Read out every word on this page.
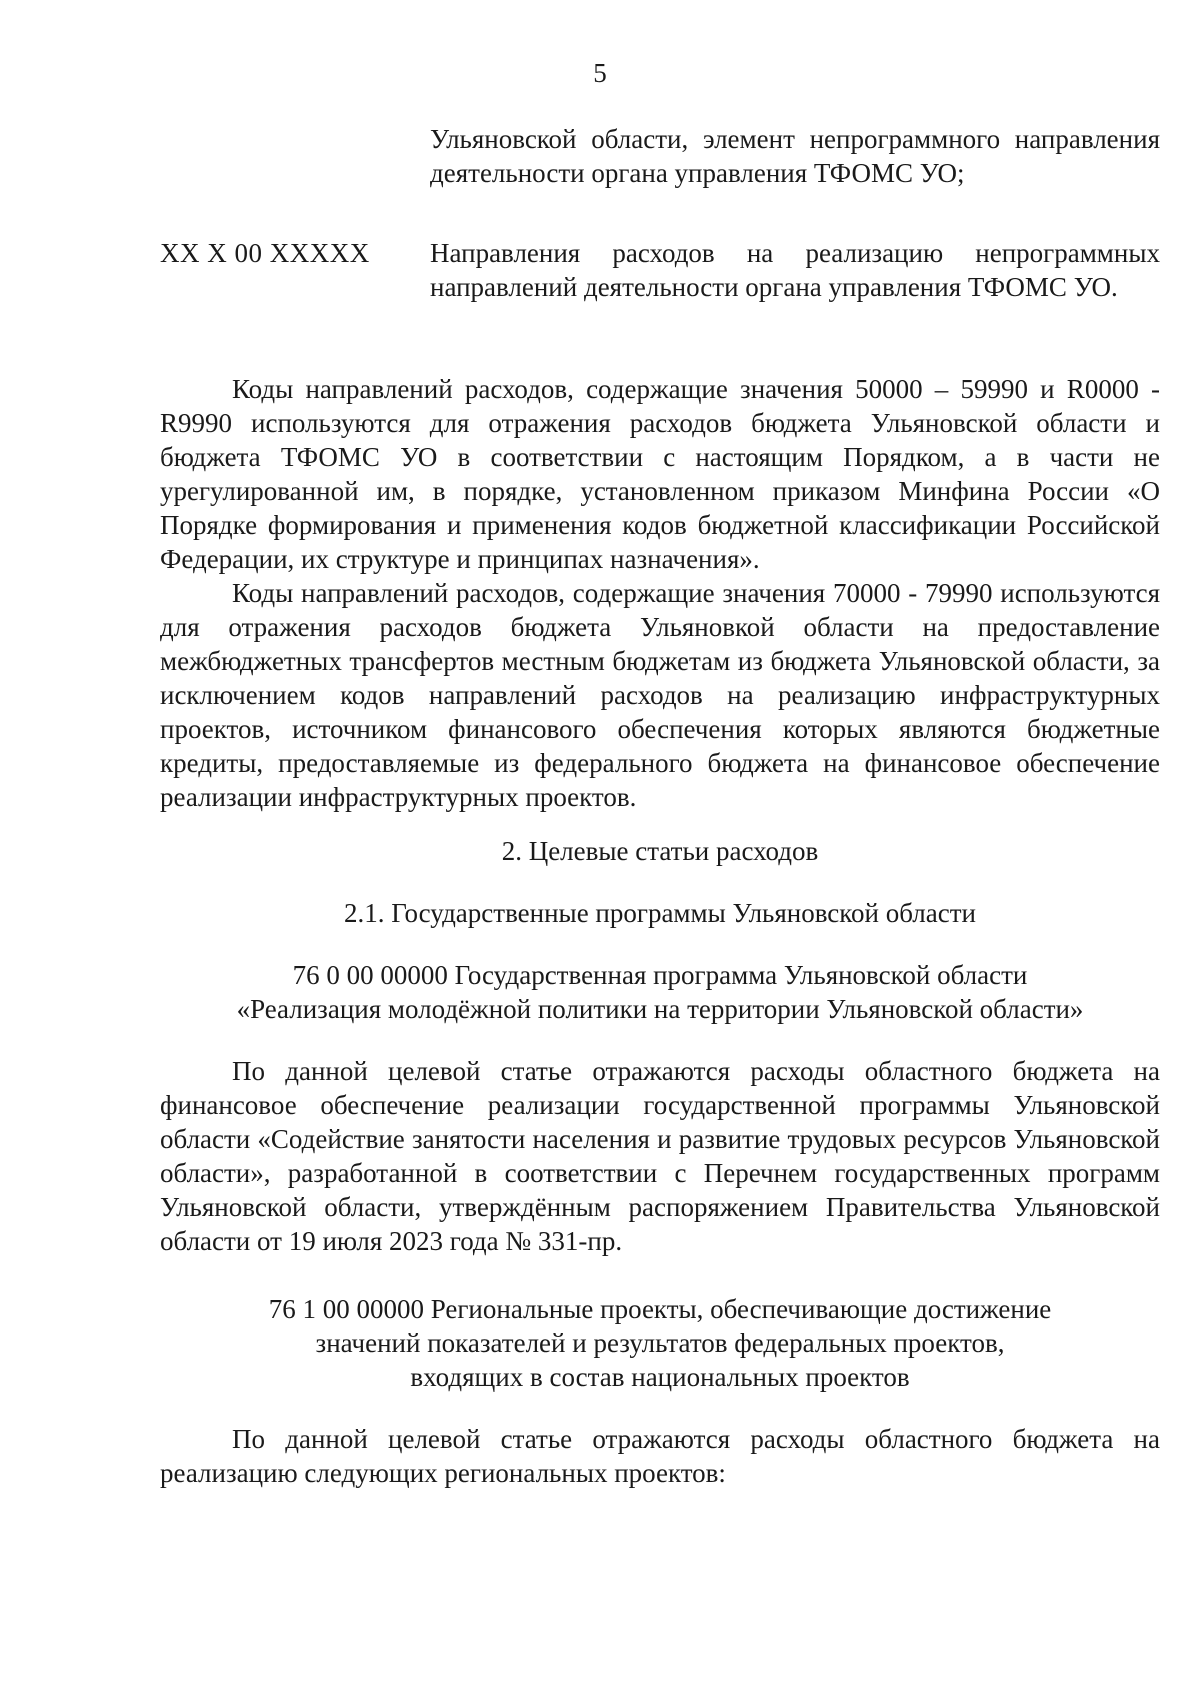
5
Ульяновской области, элемент непрограммного направления деятельности органа управления ТФОМС УО;
XX X 00 XXXXX	Направления расходов на реализацию непрограммных направлений деятельности органа управления ТФОМС УО.
Коды направлений расходов, содержащие значения 50000 – 59990 и R0000 - R9990 используются для отражения расходов бюджета Ульяновской области и бюджета ТФОМС УО в соответствии с настоящим Порядком, а в части не урегулированной им, в порядке, установленном приказом Минфина России «О Порядке формирования и применения кодов бюджетной классификации Российской Федерации, их структуре и принципах назначения».
Коды направлений расходов, содержащие значения 70000 - 79990 используются для отражения расходов бюджета Ульяновкой области на предоставление межбюджетных трансфертов местным бюджетам из бюджета Ульяновской области, за исключением кодов направлений расходов на реализацию инфраструктурных проектов, источником финансового обеспечения которых являются бюджетные кредиты, предоставляемые из федерального бюджета на финансовое обеспечение реализации инфраструктурных проектов.
2. Целевые статьи расходов
2.1. Государственные программы Ульяновской области
76 0 00 00000 Государственная программа Ульяновской области
«Реализация молодёжной политики на территории Ульяновской области»
По данной целевой статье отражаются расходы областного бюджета на финансовое обеспечение реализации государственной программы Ульяновской области «Содействие занятости населения и развитие трудовых ресурсов Ульяновской области», разработанной в соответствии с Перечнем государственных программ Ульяновской области, утверждённым распоряжением Правительства Ульяновской области от 19 июля 2023 года № 331-пр.
76 1 00 00000 Региональные проекты, обеспечивающие достижение
значений показателей и результатов федеральных проектов,
входящих в состав национальных проектов
По данной целевой статье отражаются расходы областного бюджета на реализацию следующих региональных проектов:
